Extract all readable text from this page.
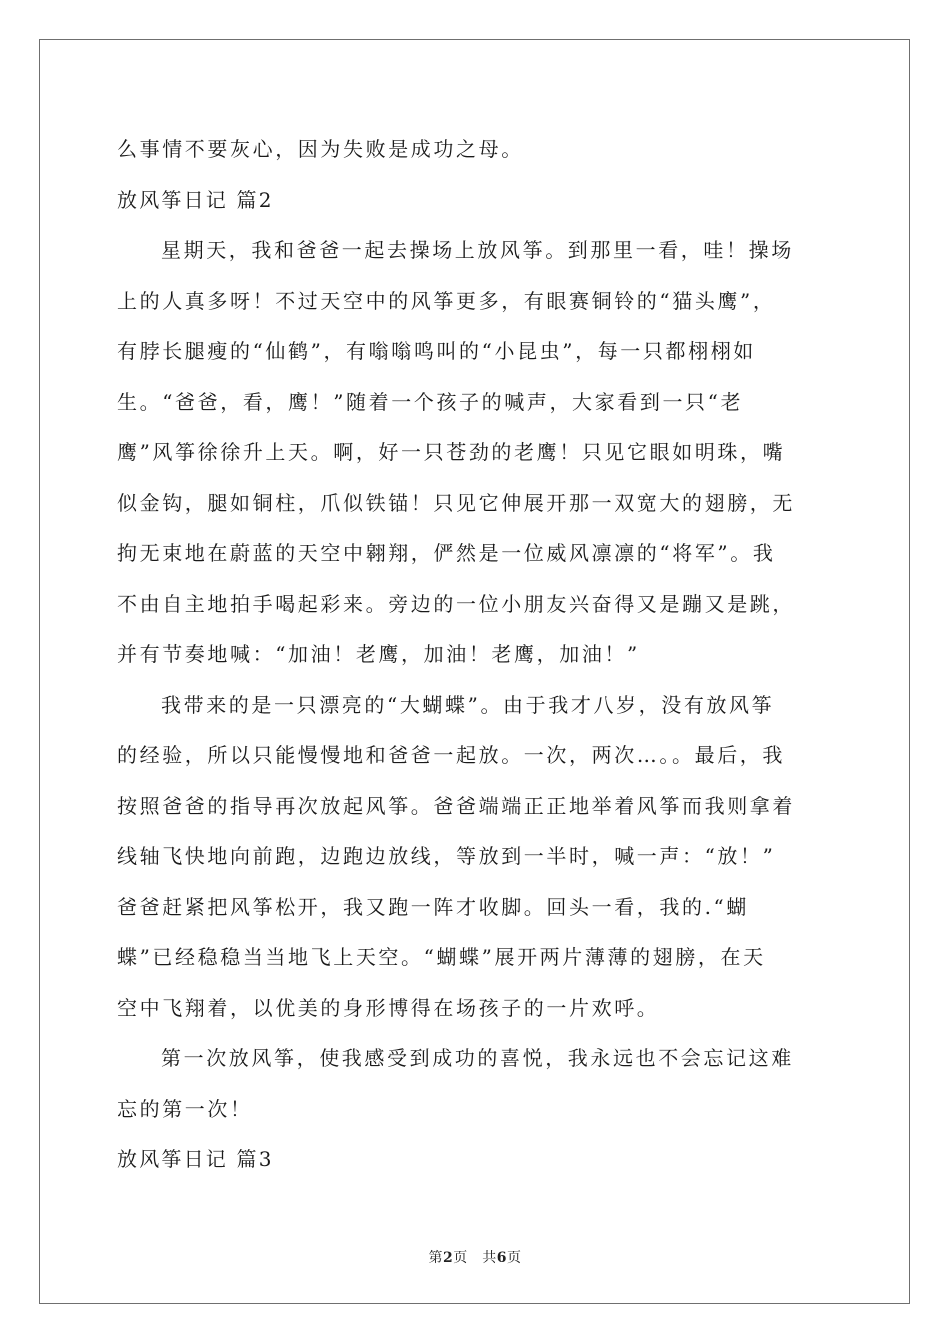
么事情不要灰心，因为失败是成功之母。
放风筝日记 篇2
星期天，我和爸爸一起去操场上放风筝。到那里一看，哇！操场
上的人真多呀！不过天空中的风筝更多，有眼赛铜铃的“猫头鹰”，
有脖长腿瘦的“仙鹤”，有嗡嗡鸣叫的“小昆虫”，每一只都栩栩如
生。“爸爸，看，鹰！”随着一个孩子的喊声，大家看到一只“老
鹰”风筝徐徐升上天。啊，好一只苍劲的老鹰！只见它眼如明珠，嘴
似金钩，腿如铜柱，爪似铁锚！只见它伸展开那一双宽大的翅膀，无
拘无束地在蔚蓝的天空中翱翔，俨然是一位威风凛凛的“将军”。我
不由自主地拍手喝起彩来。旁边的一位小朋友兴奋得又是蹦又是跳，
并有节奏地喊：“加油！老鹰，加油！老鹰，加油！”
我带来的是一只漂亮的“大蝴蝶”。由于我才八岁，没有放风筝
的经验，所以只能慢慢地和爸爸一起放。一次，两次…。。最后，我
按照爸爸的指导再次放起风筝。爸爸端端正正地举着风筝而我则拿着
线轴飞快地向前跑，边跑边放线，等放到一半时，喊一声：“放！”
爸爸赶紧把风筝松开，我又跑一阵才收脚。回头一看，我的.“蝴
蝶”已经稳稳当当地飞上天空。“蝴蝶”展开两片薄薄的翅膀，在天
空中飞翔着，以优美的身形博得在场孩子的一片欢呼。
第一次放风筝，使我感受到成功的喜悦，我永远也不会忘记这难
忘的第一次！
放风筝日记 篇3
第2页　共6页
